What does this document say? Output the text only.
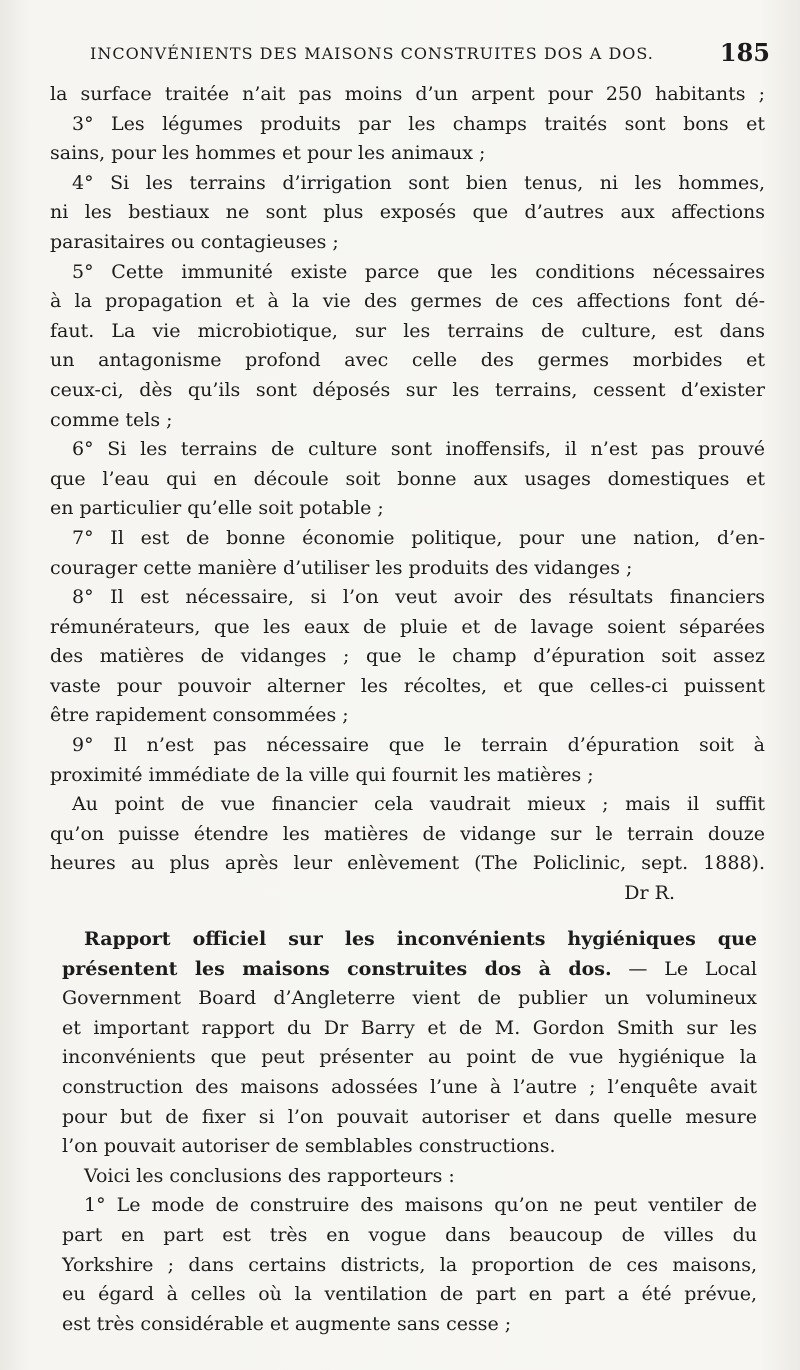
INCONVÉNIENTS DES MAISONS CONSTRUITES DOS A DOS.	185
la surface traitée n’ait pas moins d’un arpent pour 250 habitants ;
3° Les légumes produits par les champs traités sont bons et
sains, pour les hommes et pour les animaux ;
4° Si les terrains d’irrigation sont bien tenus, ni les hommes,
ni les bestiaux ne sont plus exposés que d’autres aux affections
parasitaires ou contagieuses ;
5° Cette immunité existe parce que les conditions nécessaires
à la propagation et à la vie des germes de ces affections font dé-
faut. La vie microbiotique, sur les terrains de culture, est dans
un antagonisme profond avec celle des germes morbides et
ceux-ci, dès qu’ils sont déposés sur les terrains, cessent d’exister
comme tels ;
6° Si les terrains de culture sont inoffensifs, il n’est pas prouvé
que l’eau qui en découle soit bonne aux usages domestiques et
en particulier qu’elle soit potable ;
7° Il est de bonne économie politique, pour une nation, d’en-
courager cette manière d’utiliser les produits des vidanges ;
8° Il est nécessaire, si l’on veut avoir des résultats financiers
rémunérateurs, que les eaux de pluie et de lavage soient séparées
des matières de vidanges ; que le champ d’épuration soit assez
vaste pour pouvoir alterner les récoltes, et que celles-ci puissent
être rapidement consommées ;
9° Il n’est pas nécessaire que le terrain d’épuration soit à
proximité immédiate de la ville qui fournit les matières ;
Au point de vue financier cela vaudrait mieux ; mais il suffit
qu’on puisse étendre les matières de vidange sur le terrain douze
heures au plus après leur enlèvement (The Policlinic, sept. 1888).
Dr R.
Rapport officiel sur les inconvénients hygiéniques que
présentent les maisons construites dos à dos. — Le Local
Government Board d’Angleterre vient de publier un volumineux
et important rapport du Dr Barry et de M. Gordon Smith sur les
inconvénients que peut présenter au point de vue hygiénique la
construction des maisons adossées l’une à l’autre ; l’enquête avait
pour but de fixer si l’on pouvait autoriser et dans quelle mesure
l’on pouvait autoriser de semblables constructions.
Voici les conclusions des rapporteurs :
1° Le mode de construire des maisons qu’on ne peut ventiler de
part en part est très en vogue dans beaucoup de villes du
Yorkshire ; dans certains districts, la proportion de ces maisons,
eu égard à celles où la ventilation de part en part a été prévue,
est très considérable et augmente sans cesse ;
